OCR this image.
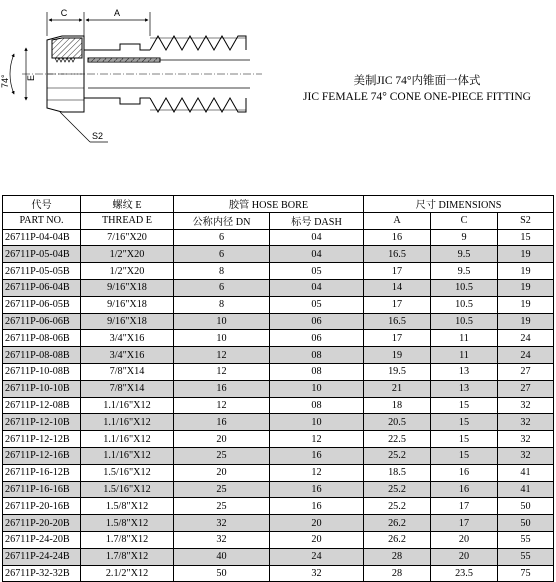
C	A
E
74°
S2
美制JIC 74°内锥面一体式
JIC FEMALE 74° CONE ONE-PIECE FITTING
代号	螺纹 E	胶管 HOSE BORE		尺寸 DIMENSIONS		
PART NO.	THREAD E	公称内径 DN	标号 DASH	A	C	S2
26711P-04-04B	7/16"X20	6	04	16	9	15
26711P-05-04B	1/2"X20	6	04	16.5	9.5	19
26711P-05-05B	1/2"X20	8	05	17	9.5	19
26711P-06-04B	9/16"X18	6	04	14	10.5	19
26711P-06-05B	9/16"X18	8	05	17	10.5	19
26711P-06-06B	9/16"X18	10	06	16.5	10.5	19
26711P-08-06B	3/4"X16	10	06	17	11	24
26711P-08-08B	3/4"X16	12	08	19	11	24
26711P-10-08B	7/8"X14	12	08	19.5	13	27
26711P-10-10B	7/8"X14	16	10	21	13	27
26711P-12-08B	1.1/16"X12	12	08	18	15	32
26711P-12-10B	1.1/16"X12	16	10	20.5	15	32
26711P-12-12B	1.1/16"X12	20	12	22.5	15	32
26711P-12-16B	1.1/16"X12	25	16	25.2	15	32
26711P-16-12B	1.5/16"X12	20	12	18.5	16	41
26711P-16-16B	1.5/16"X12	25	16	25.2	16	41
26711P-20-16B	1.5/8"X12	25	16	25.2	17	50
26711P-20-20B	1.5/8"X12	32	20	26.2	17	50
26711P-24-20B	1.7/8"X12	32	20	26.2	20	55
26711P-24-24B	1.7/8"X12	40	24	28	20	55
26711P-32-32B	2.1/2"X12	50	32	28	23.5	75
